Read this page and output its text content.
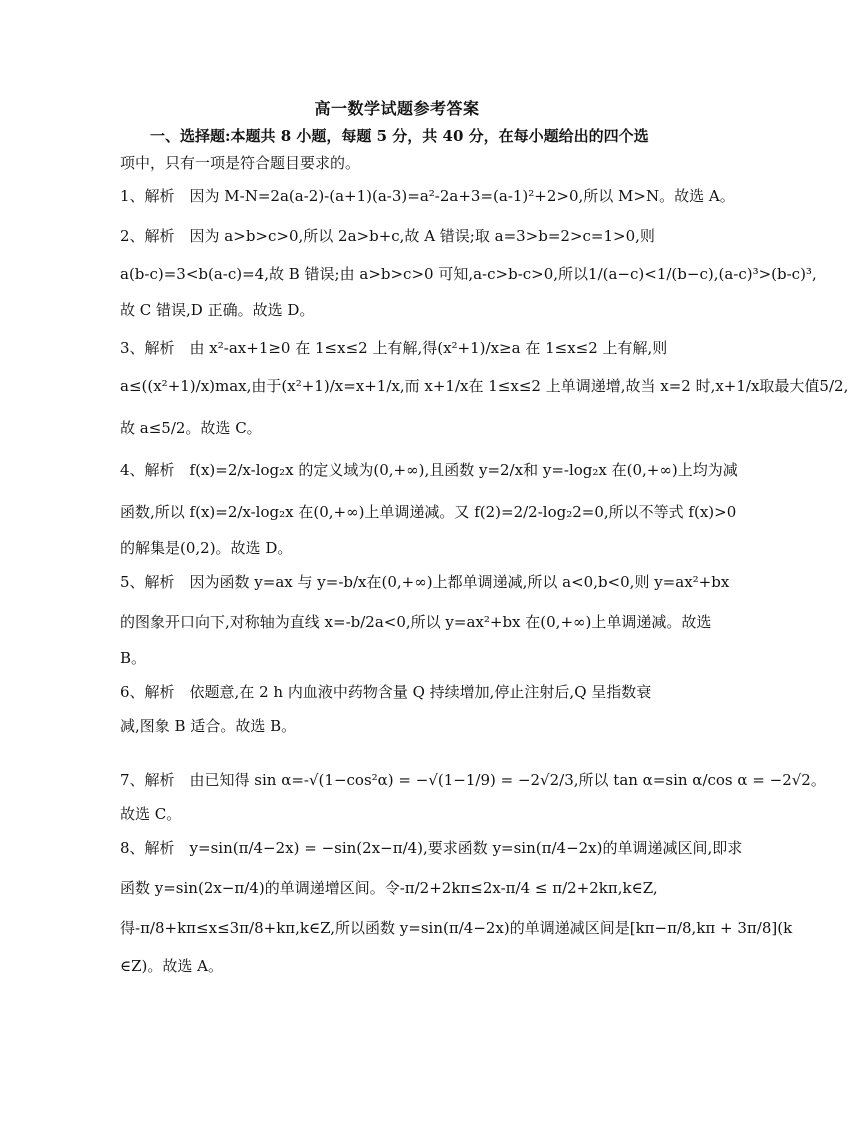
高一数学试题参考答案
一、选择题:本题共 8 小题，每题 5 分，共 40 分，在每小题给出的四个选
项中，只有一项是符合题目要求的。
1、解析　因为 M-N=2a(a-2)-(a+1)(a-3)=a²-2a+3=(a-1)²+2>0,所以 M>N。故选 A。
2、解析　因为 a>b>c>0,所以 2a>b+c,故 A 错误;取 a=3>b=2>c=1>0,则
a(b-c)=3<b(a-c)=4,故 B 错误;由 a>b>c>0 可知,a-c>b-c>0,所以1/(a−c)<1/(b−c),(a-c)³>(b-c)³,
故 C 错误,D 正确。故选 D。
3、解析　由 x²-ax+1≥0 在 1≤x≤2 上有解,得(x²+1)/x≥a 在 1≤x≤2 上有解,则
a≤((x²+1)/x)max,由于(x²+1)/x=x+1/x,而 x+1/x在 1≤x≤2 上单调递增,故当 x=2 时,x+1/x取最大值5/2,
故 a≤5/2。故选 C。
4、解析　f(x)=2/x-log₂x 的定义域为(0,+∞),且函数 y=2/x和 y=-log₂x 在(0,+∞)上均为减
函数,所以 f(x)=2/x-log₂x 在(0,+∞)上单调递减。又 f(2)=2/2-log₂2=0,所以不等式 f(x)>0
的解集是(0,2)。故选 D。
5、解析　因为函数 y=ax 与 y=-b/x在(0,+∞)上都单调递减,所以 a<0,b<0,则 y=ax²+bx
的图象开口向下,对称轴为直线 x=-b/2a<0,所以 y=ax²+bx 在(0,+∞)上单调递减。故选
B。
6、解析　依题意,在 2 h 内血液中药物含量 Q 持续增加,停止注射后,Q 呈指数衰
减,图象 B 适合。故选 B。
7、解析　由已知得 sin α=-√(1−cos²α) = −√(1−1/9) = −2√2/3,所以 tan α=sin α/cos α = −2√2。
故选 C。
8、解析　y=sin(π/4−2x) = −sin(2x−π/4),要求函数 y=sin(π/4−2x)的单调递减区间,即求
函数 y=sin(2x−π/4)的单调递增区间。令-π/2+2kπ≤2x-π/4 ≤ π/2+2kπ,k∈Z,
得-π/8+kπ≤x≤3π/8+kπ,k∈Z,所以函数 y=sin(π/4−2x)的单调递减区间是[kπ−π/8,kπ + 3π/8](k
∈Z)。故选 A。
